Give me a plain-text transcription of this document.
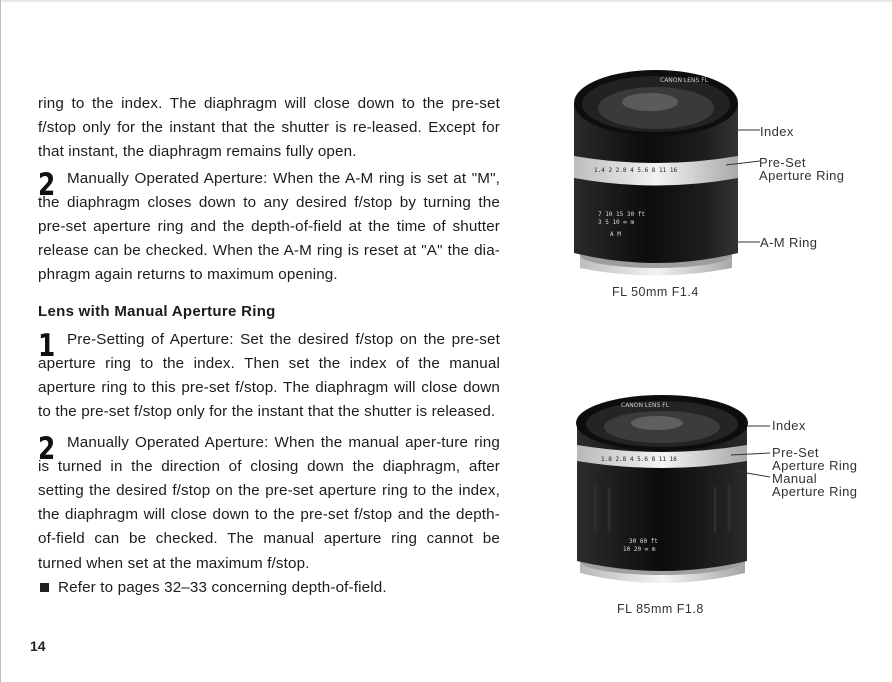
ring to the index. The diaphragm will close down to the pre-set f/stop only for the instant that the shutter is re-leased. Except for that instant, the diaphragm remains fully open.

2 Manually Operated Aperture: When the A-M ring is set at "M", the diaphragm closes down to any desired f/stop by turning the pre-set aperture ring and the depth-of-field at the time of shutter release can be checked. When the A-M ring is reset at "A" the dia-phragm again returns to maximum opening.

Lens with Manual Aperture Ring

1 Pre-Setting of Aperture: Set the desired f/stop on the pre-set aperture ring to the index. Then set the index of the manual aperture ring to this pre-set f/stop. The diaphragm will close down to the pre-set f/stop only for the instant that the shutter is released.

2 Manually Operated Aperture: When the manual aper-ture ring is turned in the direction of closing down the diaphragm, after setting the desired f/stop on the pre-set aperture ring to the index, the diaphragm will close down to the pre-set f/stop and the depth-of-field can be checked. The manual aperture ring cannot be turned when set at the maximum f/stop.

Refer to pages 32–33 concerning depth-of-field.

14
1.4 2 2.8 4 5.6 8 11 16
7 10 15 30 ft
3 5 10 ∞ m
A M
CANON LENS FL
Index
Pre-Set
Aperture Ring
A-M Ring
FL 50mm F1.4
1.8 2.8 4 5.6 8 11 16
30 60 ft
10 20 ∞ m
CANON LENS FL
Index
Pre-Set
Aperture Ring
Manual
Aperture Ring
FL 85mm F1.8
